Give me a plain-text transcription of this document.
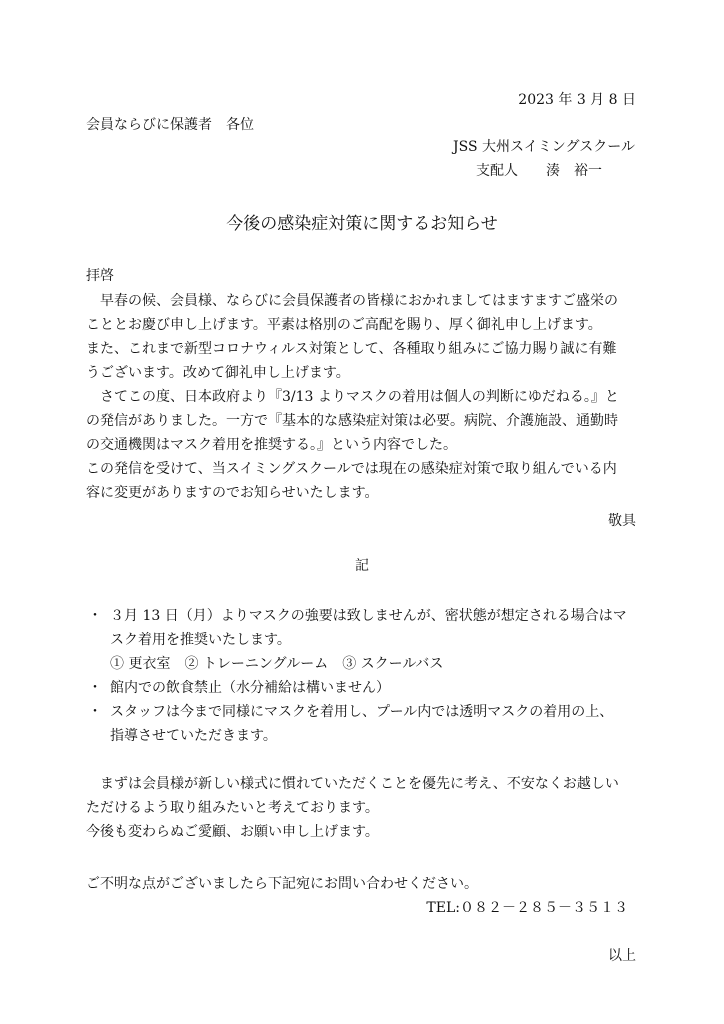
2023 年 3 月 8 日
会員ならびに保護者　各位
JSS 大州スイミングスクール
支配人　　湊　裕一
今後の感染症対策に関するお知らせ
拝啓
　早春の候、会員様、ならびに会員保護者の皆様におかれましてはますますご盛栄の
こととお慶び申し上げます。平素は格別のご高配を賜り、厚く御礼申し上げます。
また、これまで新型コロナウィルス対策として、各種取り組みにご協力賜り誠に有難
うございます。改めて御礼申し上げます。
　さてこの度、日本政府より『3/13 よりマスクの着用は個人の判断にゆだねる。』と
の発信がありました。一方で『基本的な感染症対策は必要。病院、介護施設、通勤時
の交通機関はマスク着用を推奨する。』という内容でした。
この発信を受けて、当スイミングスクールでは現在の感染症対策で取り組んでいる内
容に変更がありますのでお知らせいたします。
敬具
記
・ ３月 13 日（月）よりマスクの強要は致しませんが、密状態が想定される場合はマ
スク着用を推奨いたします。
① 更衣室　② トレーニングルーム　③ スクールバス
・ 館内での飲食禁止（水分補給は構いません）
・ スタッフは今まで同様にマスクを着用し、プール内では透明マスクの着用の上、
指導させていただきます。
　まずは会員様が新しい様式に慣れていただくことを優先に考え、不安なくお越しい
ただけるよう取り組みたいと考えております。
今後も変わらぬご愛顧、お願い申し上げます。
ご不明な点がございましたら下記宛にお問い合わせください。
TEL:０８２－２８５－３５１３
以上
